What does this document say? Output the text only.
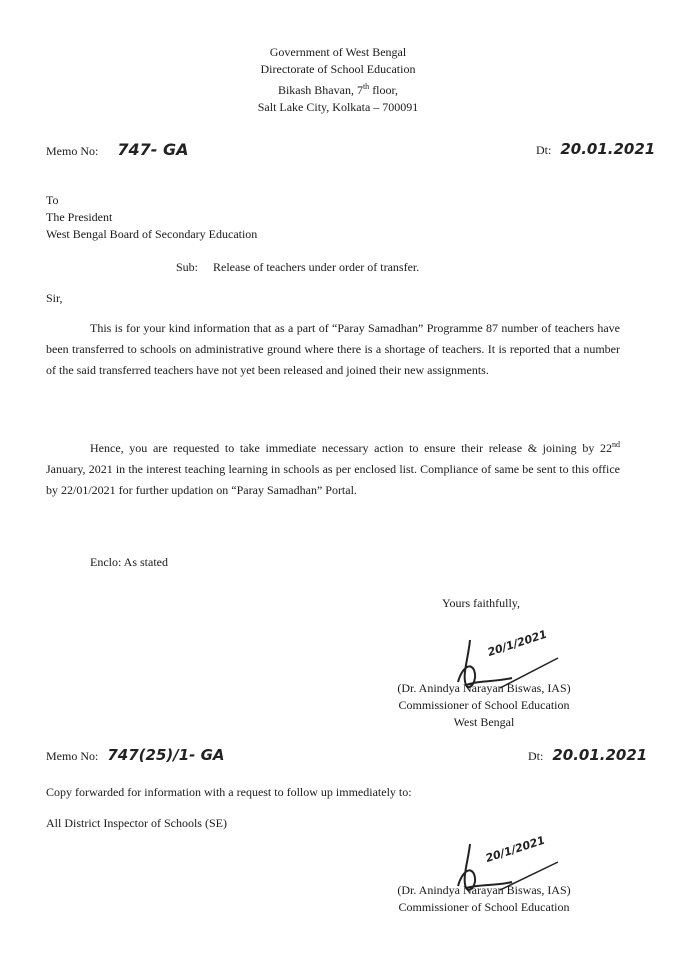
Government of West Bengal
Directorate of School Education
Bikash Bhavan, 7th floor,
Salt Lake City, Kolkata – 700091
Memo No: 747- GA	Dt: 20.01.2021
To
The President
West Bengal Board of Secondary Education
Sub: Release of teachers under order of transfer.
Sir,
This is for your kind information that as a part of “Paray Samadhan” Programme 87 number of teachers have been transferred to schools on administrative ground where there is a shortage of teachers. It is reported that a number of the said transferred teachers have not yet been released and joined their new assignments.
Hence, you are requested to take immediate necessary action to ensure their release & joining by 22nd January, 2021 in the interest teaching learning in schools as per enclosed list. Compliance of same be sent to this office by 22/01/2021 for further updation on “Paray Samadhan” Portal.
Enclo: As stated
Yours faithfully,
20/1/2021
(Dr. Anindya Narayan Biswas, IAS)
Commissioner of School Education
West Bengal
Memo No: 747(25)/1- GA	Dt: 20.01.2021
Copy forwarded for information with a request to follow up immediately to:
All District Inspector of Schools (SE)
20/1/2021
(Dr. Anindya Narayan Biswas, IAS)
Commissioner of School Education
